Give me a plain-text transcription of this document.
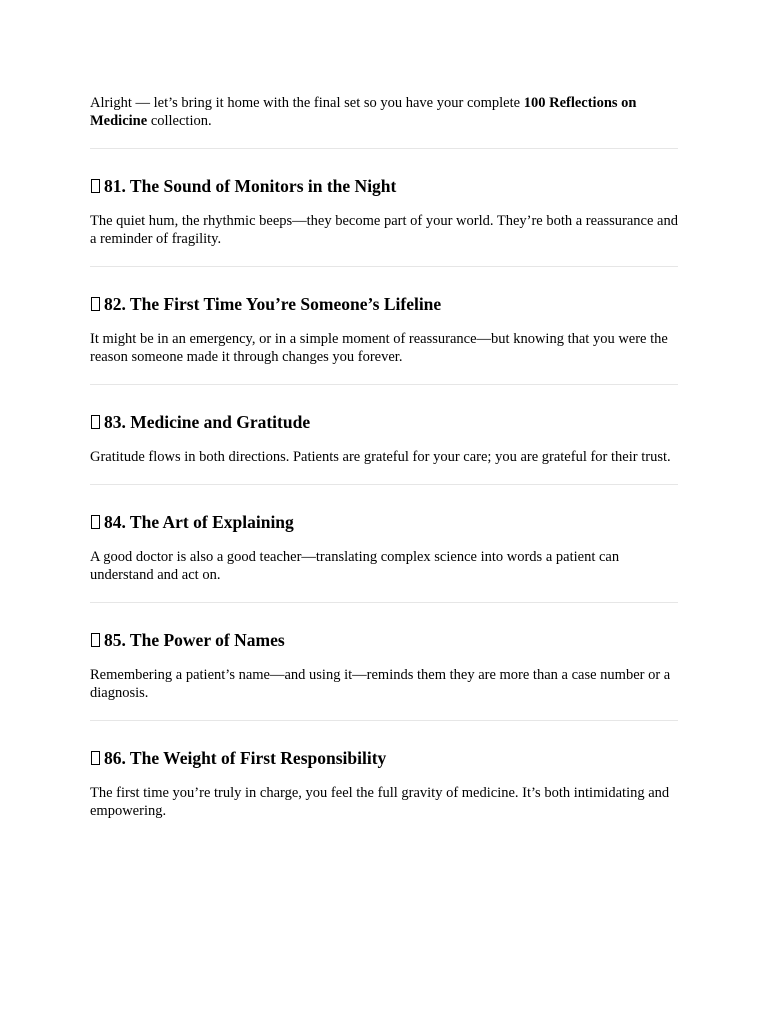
Alright — let’s bring it home with the final set so you have your complete 100 Reflections on Medicine collection.

81. The Sound of Monitors in the Night

The quiet hum, the rhythmic beeps—they become part of your world. They’re both a reassurance and a reminder of fragility.

82. The First Time You’re Someone’s Lifeline

It might be in an emergency, or in a simple moment of reassurance—but knowing that you were the reason someone made it through changes you forever.

83. Medicine and Gratitude

Gratitude flows in both directions. Patients are grateful for your care; you are grateful for their trust.

84. The Art of Explaining

A good doctor is also a good teacher—translating complex science into words a patient can understand and act on.

85. The Power of Names

Remembering a patient’s name—and using it—reminds them they are more than a case number or a diagnosis.

86. The Weight of First Responsibility

The first time you’re truly in charge, you feel the full gravity of medicine. It’s both intimidating and empowering.
